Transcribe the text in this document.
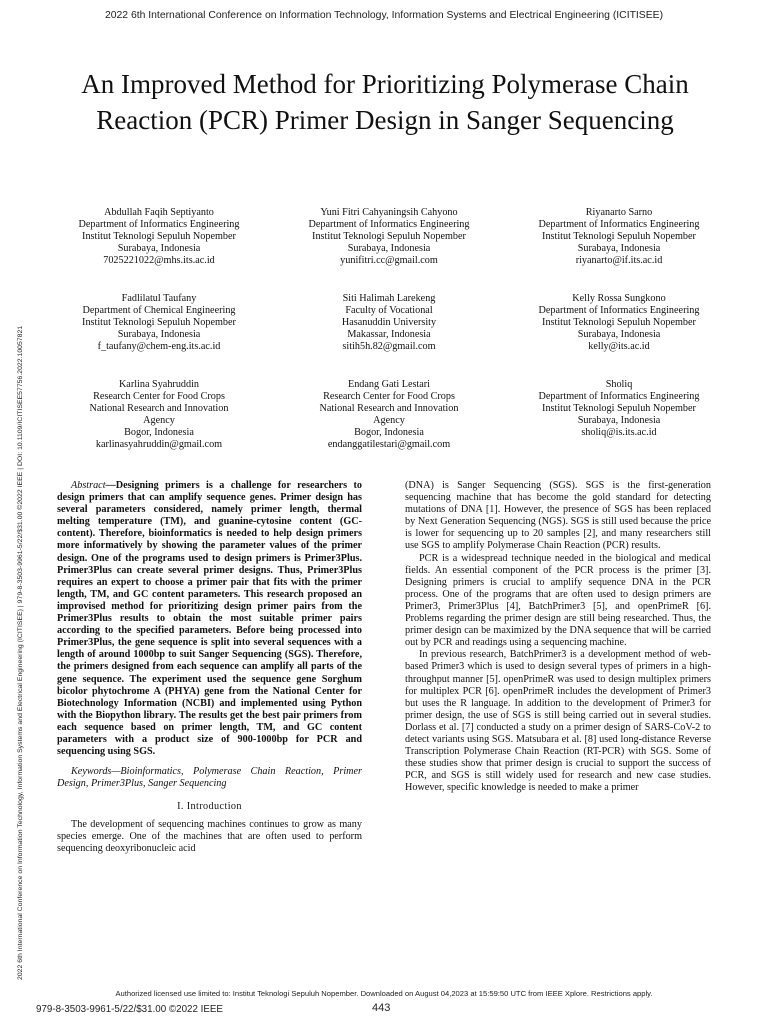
2022 6th International Conference on Information Technology, Information Systems and Electrical Engineering (ICITISEE)
2022 6th International Conference on Information Technology, Information Systems and Electrical Engineering (ICITISEE) | 979-8-3503-9961-5/22/$31.00 ©2022 IEEE | DOI: 10.1109/ICITISEE57756.2022.10057821
An Improved Method for Prioritizing Polymerase Chain Reaction (PCR) Primer Design in Sanger Sequencing
Abdullah Faqih Septiyanto
Department of Informatics Engineering
Institut Teknologi Sepuluh Nopember
Surabaya, Indonesia
7025221022@mhs.its.ac.id
Yuni Fitri Cahyaningsih Cahyono
Department of Informatics Engineering
Institut Teknologi Sepuluh Nopember
Surabaya, Indonesia
yunifitri.cc@gmail.com
Riyanarto Sarno
Department of Informatics Engineering
Institut Teknologi Sepuluh Nopember
Surabaya, Indonesia
riyanarto@if.its.ac.id
Fadlilatul Taufany
Department of Chemical Engineering
Institut Teknologi Sepuluh Nopember
Surabaya, Indonesia
f_taufany@chem-eng.its.ac.id
Siti Halimah Larekeng
Faculty of Vocational
Hasanuddin University
Makassar, Indonesia
sitih5h.82@gmail.com
Kelly Rossa Sungkono
Department of Informatics Engineering
Institut Teknologi Sepuluh Nopember
Surabaya, Indonesia
kelly@its.ac.id
Karlina Syahruddin
Research Center for Food Crops
National Research and Innovation
Agency
Bogor, Indonesia
karlinasyahruddin@gmail.com
Endang Gati Lestari
Research Center for Food Crops
National Research and Innovation
Agency
Bogor, Indonesia
endanggatilestari@gmail.com
Sholiq
Department of Informatics Engineering
Institut Teknologi Sepuluh Nopember
Surabaya, Indonesia
sholiq@is.its.ac.id

Abstract—Designing primers is a challenge for researchers to design primers that can amplify sequence genes. Primer design has several parameters considered, namely primer length, thermal melting temperature (TM), and guanine-cytosine content (GC-content). Therefore, bioinformatics is needed to help design primers more informatively by showing the parameter values of the primer design. One of the programs used to design primers is Primer3Plus. Primer3Plus can create several primer designs. Thus, Primer3Plus requires an expert to choose a primer pair that fits with the primer length, TM, and GC content parameters. This research proposed an improvised method for prioritizing design primer pairs from the Primer3Plus results to obtain the most suitable primer pairs according to the specified parameters. Before being processed into Primer3Plus, the gene sequence is split into several sequences with a length of around 1000bp to suit Sanger Sequencing (SGS). Therefore, the primers designed from each sequence can amplify all parts of the gene sequence. The experiment used the sequence gene Sorghum bicolor phytochrome A (PHYA) gene from the National Center for Biotechnology Information (NCBI) and implemented using Python with the Biopython library. The results get the best pair primers from each sequence based on primer length, TM, and GC content parameters with a product size of 900-1000bp for PCR and sequencing using SGS.

Keywords—Bioinformatics, Polymerase Chain Reaction, Primer Design, Primer3Plus, Sanger Sequencing

I. Introduction

The development of sequencing machines continues to grow as many species emerge. One of the machines that are often used to perform sequencing deoxyribonucleic acid

(DNA) is Sanger Sequencing (SGS). SGS is the first-generation sequencing machine that has become the gold standard for detecting mutations of DNA [1]. However, the presence of SGS has been replaced by Next Generation Sequencing (NGS). SGS is still used because the price is lower for sequencing up to 20 samples [2], and many researchers still use SGS to amplify Polymerase Chain Reaction (PCR) results.

PCR is a widespread technique needed in the biological and medical fields. An essential component of the PCR process is the primer [3]. Designing primers is crucial to amplify sequence DNA in the PCR process. One of the programs that are often used to design primers are Primer3, Primer3Plus [4], BatchPrimer3 [5], and openPrimeR [6]. Problems regarding the primer design are still being researched. Thus, the primer design can be maximized by the DNA sequence that will be carried out by PCR and readings using a sequencing machine.

In previous research, BatchPrimer3 is a development method of web-based Primer3 which is used to design several types of primers in a high-throughput manner [5]. openPrimeR was used to design multiplex primers for multiplex PCR [6]. openPrimeR includes the development of Primer3 but uses the R language. In addition to the development of Primer3 for primer design, the use of SGS is still being carried out in several studies. Dorlass et al. [7] conducted a study on a primer design of SARS-CoV-2 to detect variants using SGS. Matsubara et al. [8] used long-distance Reverse Transcription Polymerase Chain Reaction (RT-PCR) with SGS. Some of these studies show that primer design is crucial to support the success of PCR, and SGS is still widely used for research and new case studies. However, specific knowledge is needed to make a primer

Authorized licensed use limited to: Institut Teknologi Sepuluh Nopember. Downloaded on August 04,2023 at 15:59:50 UTC from IEEE Xplore. Restrictions apply.
979-8-3503-9961-5/22/$31.00 ©2022 IEEE	443
